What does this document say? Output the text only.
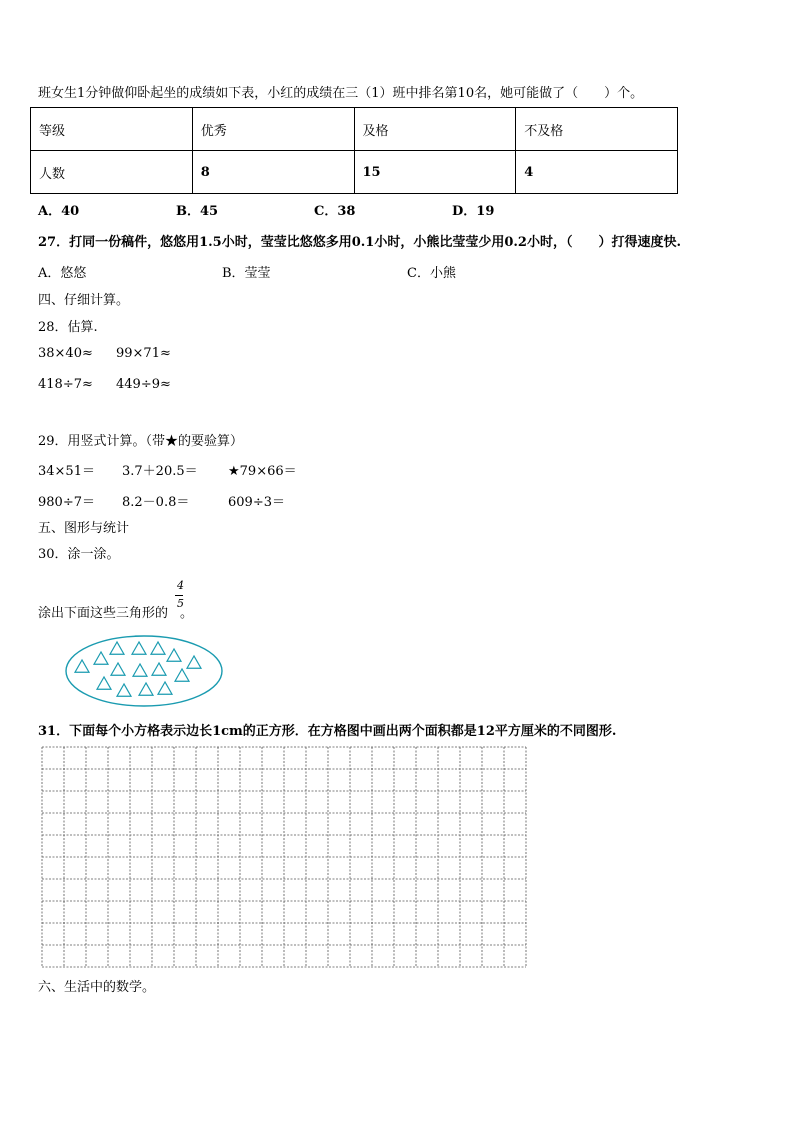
班女生1分钟做仰卧起坐的成绩如下表，小红的成绩在三（1）班中排名第10名，她可能做了（　　）个。
等级	优秀	及格	不及格
人数	8	15	4
A．40	B．45	C．38	D．19
27．打同一份稿件，悠悠用1.5小时，莹莹比悠悠多用0.1小时，小熊比莹莹少用0.2小时，（　　）打得速度快.
A．悠悠	B．莹莹	C．小熊
四、仔细计算。
28．估算.
38×40≈ 99×71≈
418÷7≈ 449÷9≈
29．用竖式计算。（带★的要验算）
34×51＝ 3.7＋20.5＝ ★79×66＝
980÷7＝ 8.2－0.8＝	609÷3＝
五、图形与统计
30．涂一涂。
涂出下面这些三角形的 。
4
5
31．下面每个小方格表示边长1cm的正方形．在方格图中画出两个面积都是12平方厘米的不同图形.
六、生活中的数学。
